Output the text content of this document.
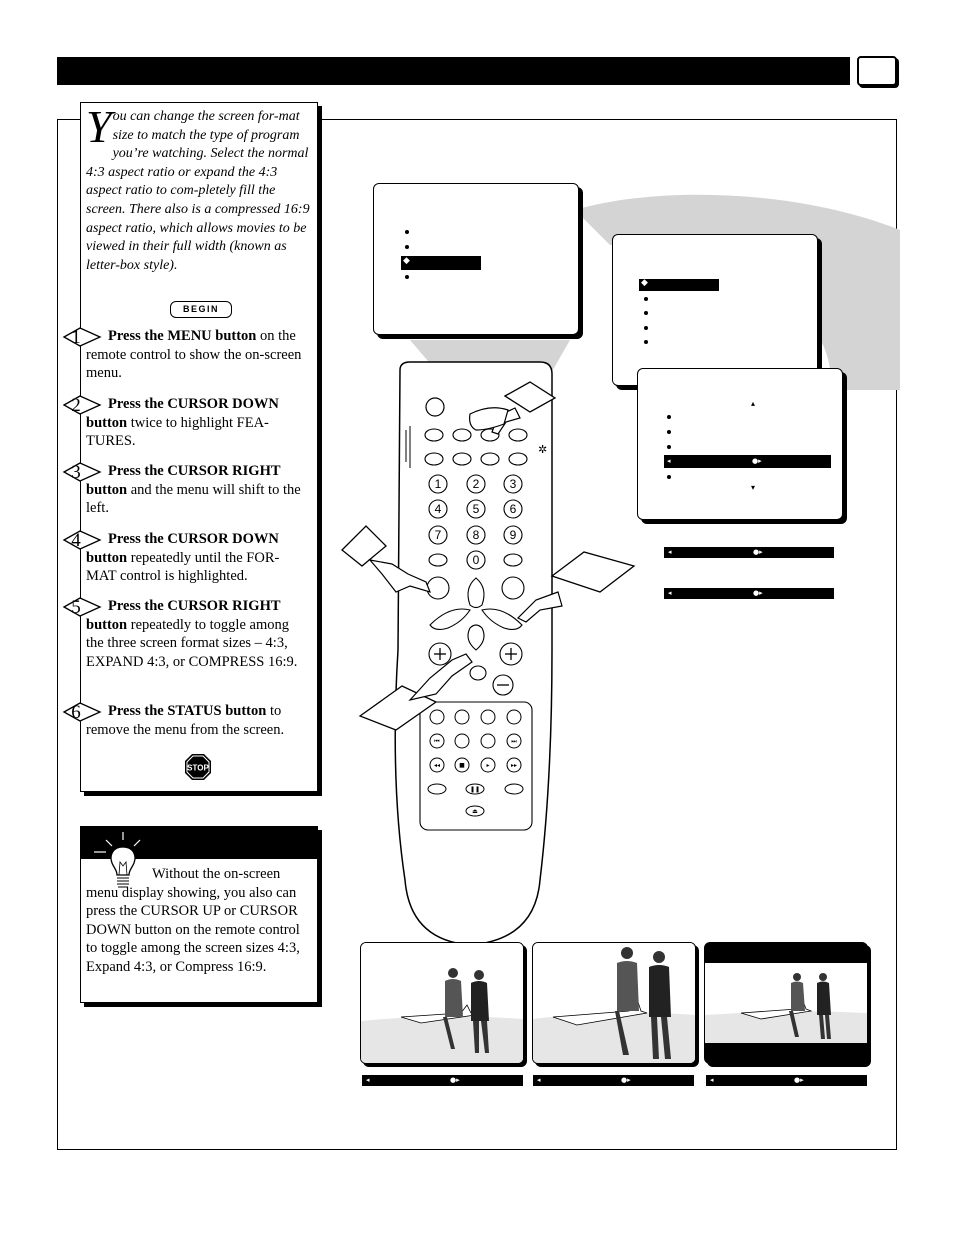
You can change the screen for-mat size to match the type of program you’re watching. Select the normal 4:3 aspect ratio or expand the 4:3 aspect ratio to com-pletely fill the screen. There also is a compressed 16:9 aspect ratio, which allows movies to be viewed in their full width (known as letter-box style).
BEGIN
1	Press the MENU button on the remote control to show the on-screen menu.
2	Press the CURSOR DOWN button twice to highlight FEA-TURES.
3	Press the CURSOR RIGHT button and the menu will shift to the left.
4	Press the CURSOR DOWN button repeatedly until the FOR-MAT control is highlighted.
5	Press the CURSOR RIGHT button repeatedly to toggle among the three screen format sizes – 4:3, EXPAND 4:3, or COMPRESS 16:9.
6	Press the STATUS button to remove the menu from the screen.
STOP
Without the on-screen menu display showing, you also can press the CURSOR UP or CURSOR DOWN button on the remote control to toggle among the screen sizes 4:3, Expand 4:3, or Compress 16:9.
◆
◆
▴
◂	●▸
▾
◂	●▸
◂	●▸
✲
1	2	3
4	5	6
7	8	9
0
⏮	⏭
◂◂	■	▸	▸▸
❚❚
⏏
◂	●▸	◂	●▸	◂	●▸
